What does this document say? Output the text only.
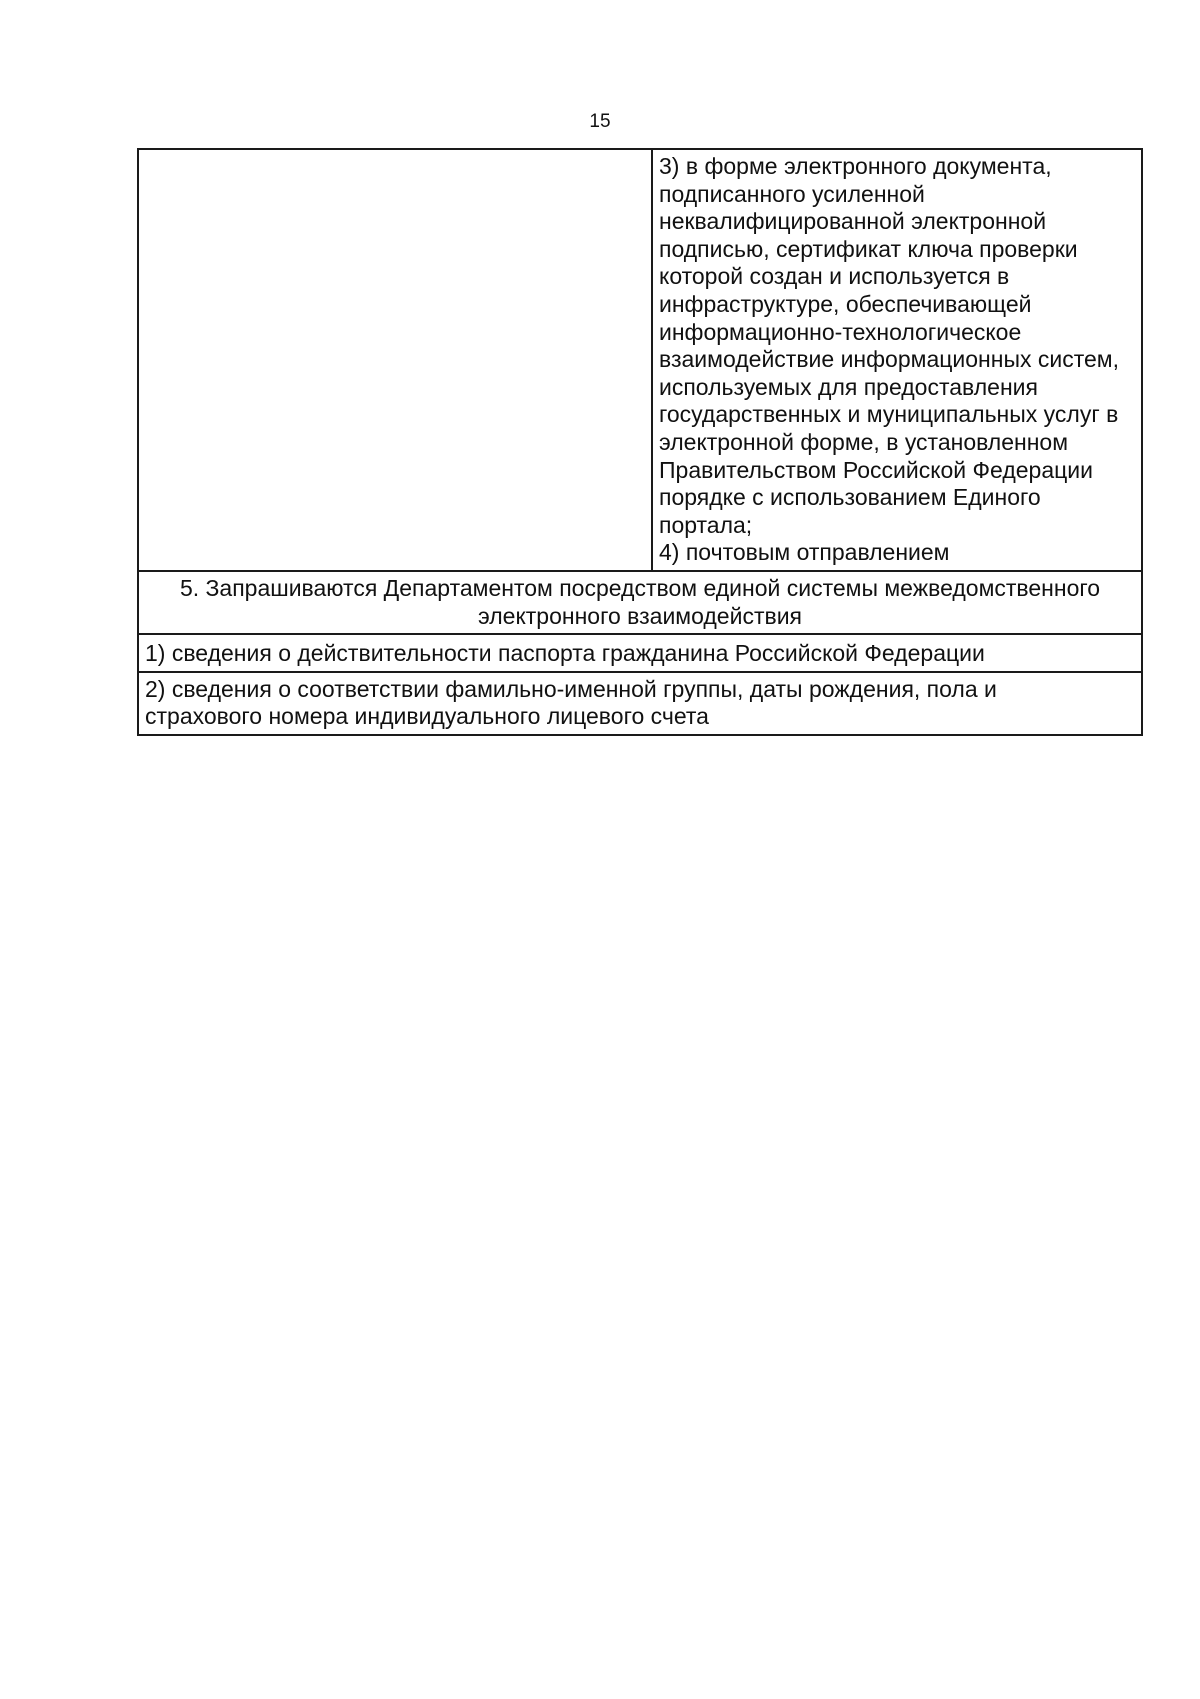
15

3) в форме электронного документа,
подписанного усиленной
неквалифицированной электронной
подписью, сертификат ключа проверки
которой создан и используется в
инфраструктуре, обеспечивающей
информационно-технологическое
взаимодействие информационных систем,
используемых для предоставления
государственных и муниципальных услуг в
электронной форме, в установленном
Правительством Российской Федерации
порядке с использованием Единого
портала;
4) почтовым отправлением

5. Запрашиваются Департаментом посредством единой системы межведомственного
электронного взаимодействия

1) сведения о действительности паспорта гражданина Российской Федерации

2) сведения о соответствии фамильно-именной группы, даты рождения, пола и
страхового номера индивидуального лицевого счета
